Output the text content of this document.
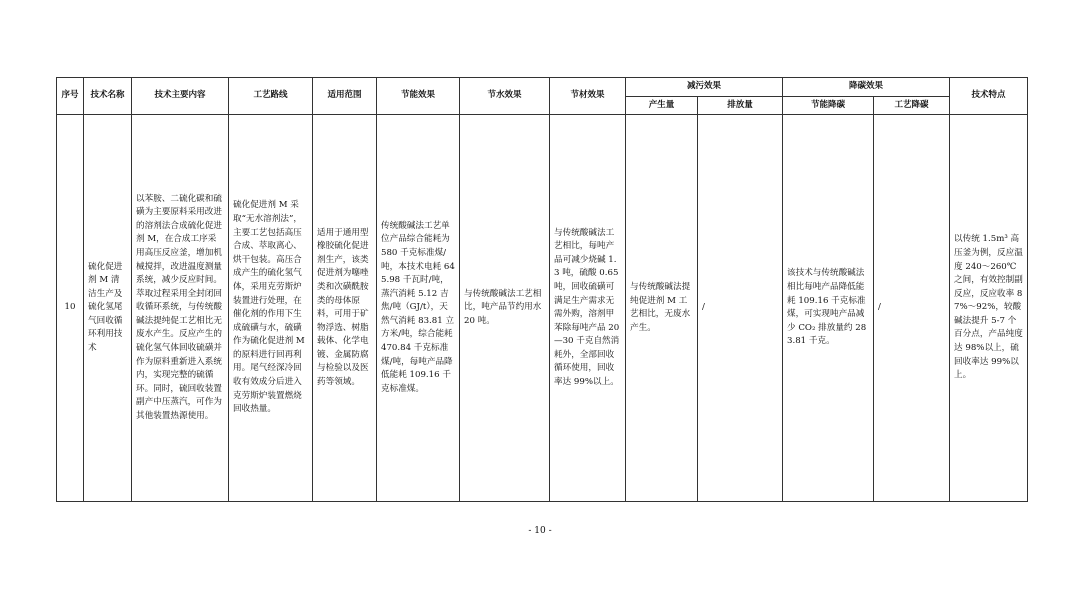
序号	技术名称	技术主要内容	工艺路线	适用范围	节能效果	节水效果	节材效果	减污效果		降碳效果		技术特点
								产生量	排放量	节能降碳	工艺降碳	
10	硫化促进剂 M 清洁生产及硫化氢尾气回收循环利用技术	以苯胺、二硫化碳和硫磺为主要原料采用改进的溶剂法合成硫化促进剂 M，在合成工序采用高压反应釜，增加机械搅拌，改进温度测量系统，减少反应时间。萃取过程采用全封闭回收循环系统，与传统酸碱法提纯促工艺相比无废水产生。反应产生的硫化氢气体回收硫磺并作为原料重新进入系统内，实现完整的硫循环。同时，硫回收装置副产中压蒸汽，可作为其他装置热源使用。	硫化促进剂 M 采取“无水溶剂法”，主要工艺包括高压合成、萃取离心、烘干包装。高压合成产生的硫化氢气体，采用克劳斯炉装置进行处理，在催化剂的作用下生成硫磺与水，硫磺作为硫化促进剂 M 的原料进行回再利用。尾气经深冷回收有效成分后进入克劳斯炉装置燃烧回收热量。	适用于通用型橡胶硫化促进剂生产，该类促进剂为噻唑类和次磺酰胺类的母体原料，可用于矿物浮选、树脂载体、化学电镀、金属防腐与检验以及医药等领域。	传统酸碱法工艺单位产品综合能耗为 580 千克标准煤/吨，本技术电耗 645.98 千瓦时/吨，蒸汽消耗 5.12 吉焦/吨（GJ/t），天然气消耗 83.81 立方米/吨，综合能耗 470.84 千克标准煤/吨，每吨产品降低能耗 109.16 千克标准煤。	与传统酸碱法工艺相比，吨产品节约用水 20 吨。	与传统酸碱法工艺相比，每吨产品可减少烧碱 1.3 吨，硫酸 0.65 吨，回收硫磺可满足生产需求无需外购，溶剂甲苯除每吨产品 20—30 千克自然消耗外，全部回收循环使用，回收率达 99%以上。	与传统酸碱法提纯促进剂 M 工艺相比，无废水产生。	/	该技术与传统酸碱法相比每吨产品降低能耗 109.16 千克标准煤，可实现吨产品减少 CO₂ 排放量约 283.81 千克。	/	以传统 1.5m³ 高压釜为例，反应温度 240～260℃之间，有效控制副反应，反应收率 87%～92%，较酸碱法提升 5-7 个百分点，产品纯度达 98%以上，硫回收率达 99%以上。
- 10 -
